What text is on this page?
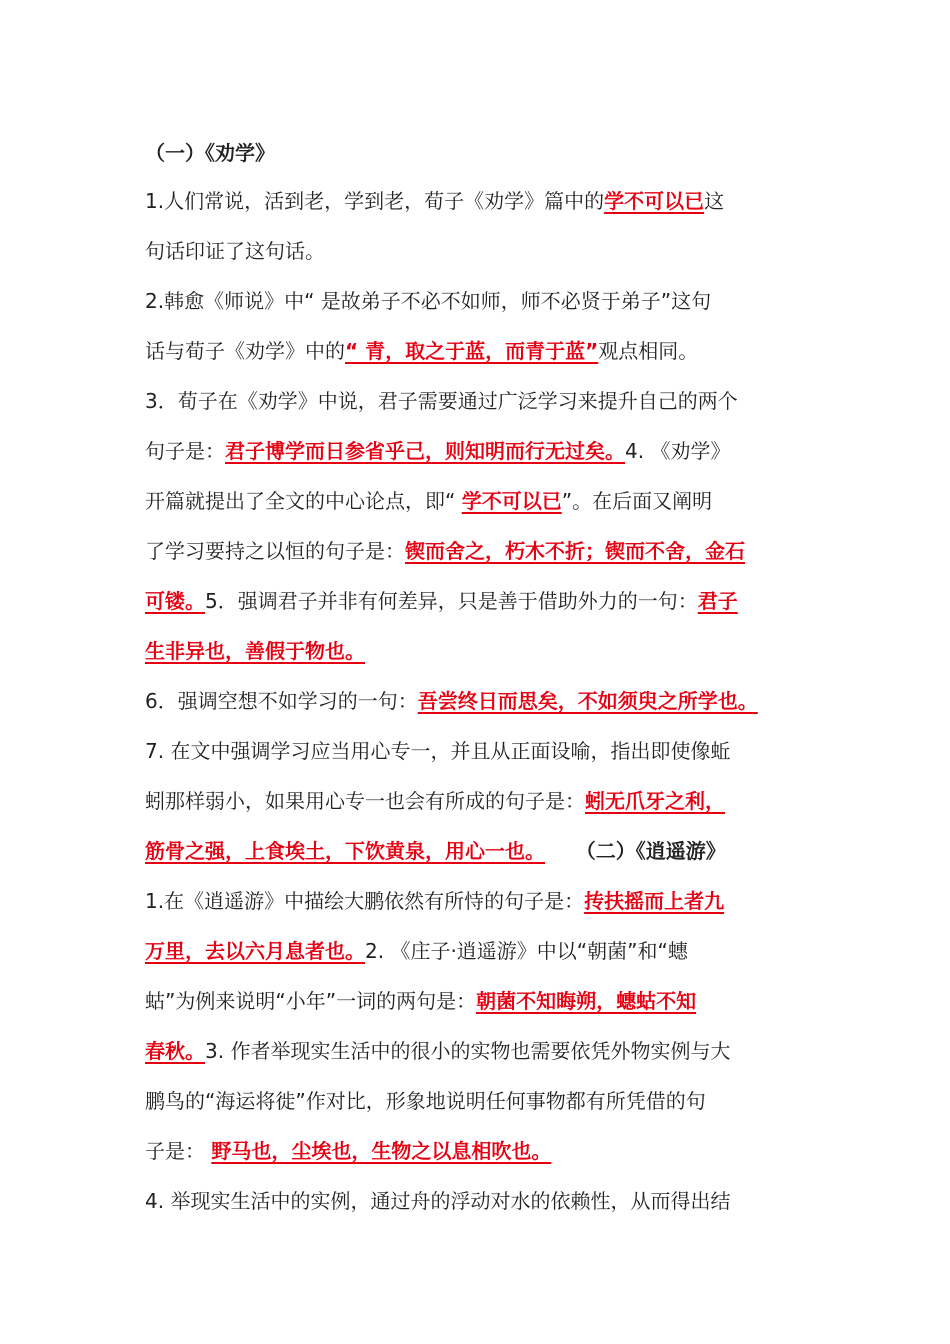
（一）《劝学》
1.人们常说，活到老，学到老，荀子《劝学》篇中的学不可以已这
句话印证了这句话。
2.韩愈《师说》中“ 是故弟子不必不如师，师不必贤于弟子”这句
话与荀子《劝学》中的“ 青，取之于蓝，而青于蓝”观点相同。
3．荀子在《劝学》中说，君子需要通过广泛学习来提升自己的两个
句子是：君子博学而日参省乎己，则知明而行无过矣。4. 《劝学》
开篇就提出了全文的中心论点，即“ 学不可以已”。在后面又阐明
了学习要持之以恒的句子是：锲而舍之，朽木不折；锲而不舍，金石
可镂。5．强调君子并非有何差异，只是善于借助外力的一句：君子
生非异也，善假于物也。
6．强调空想不如学习的一句：吾尝终日而思矣，不如须臾之所学也。
7. 在文中强调学习应当用心专一，并且从正面设喻，指出即使像蚯
蚓那样弱小，如果用心专一也会有所成的句子是：蚓无爪牙之利，
筋骨之强，上食埃土，下饮黄泉，用心一也。 （二）《逍遥游》
1.在《逍遥游》中描绘大鹏依然有所恃的句子是：抟扶摇而上者九
万里，去以六月息者也。2. 《庄子·逍遥游》中以“朝菌”和“蟪
蛄”为例来说明“小年”一词的两句是：朝菌不知晦朔，蟪蛄不知
春秋。3. 作者举现实生活中的很小的实物也需要依凭外物实例与大
鹏鸟的“海运将徙”作对比，形象地说明任何事物都有所凭借的句
子是： 野马也，尘埃也，生物之以息相吹也。
4. 举现实生活中的实例，通过舟的浮动对水的依赖性，从而得出结
